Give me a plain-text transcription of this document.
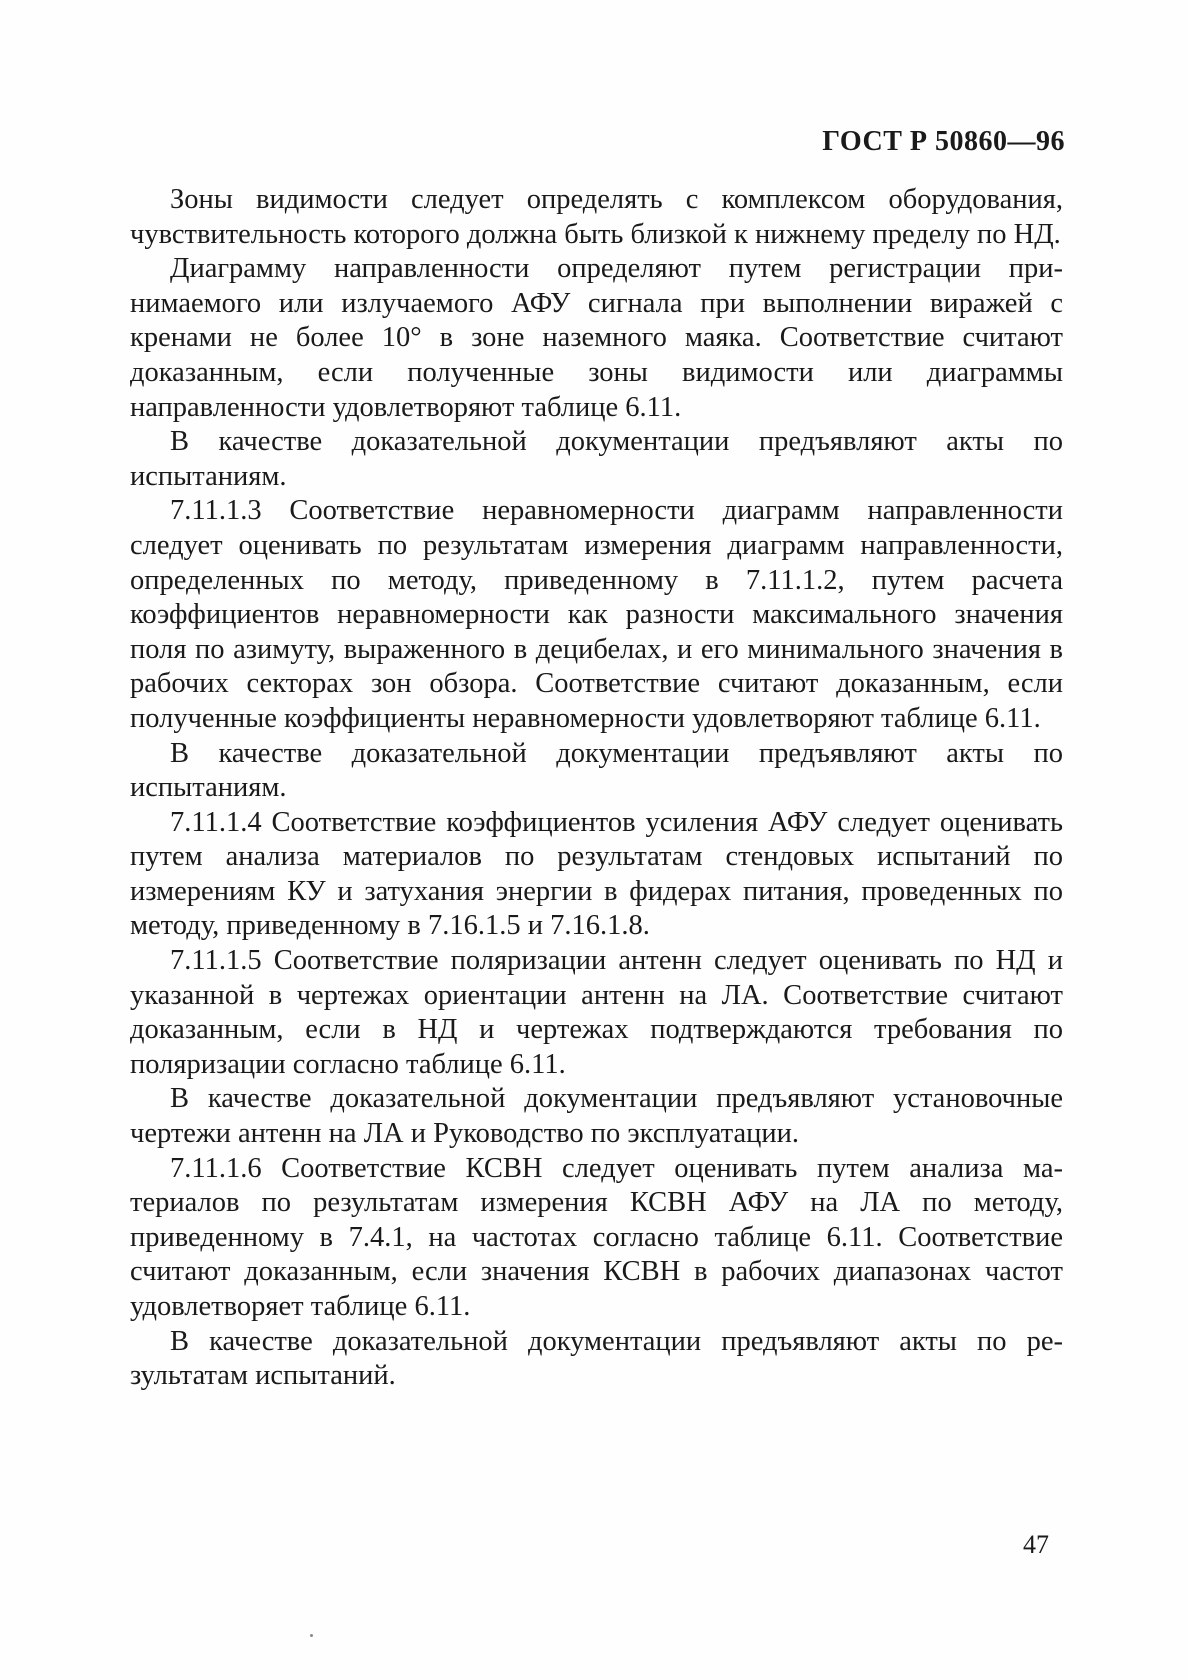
ГОСТ Р 50860—96

Зоны видимости следует определять с комплексом оборудования, чувствительность которого должна быть близкой к нижнему пределу по НД.

Диаграмму направленности определяют путем регистрации принимаемого или излучаемого АФУ сигнала при выполнении виражей с кренами не более 10° в зоне наземного маяка. Соответствие считают доказанным, если полученные зоны видимости или диаграммы направленности удовлетворяют таблице 6.11.

В качестве доказательной документации предъявляют акты по испытаниям.

7.11.1.3 Соответствие неравномерности диаграмм направленности следует оценивать по результатам измерения диаграмм направленности, определенных по методу, приведенному в 7.11.1.2, путем расчета коэффициентов неравномерности как разности максимального значения поля по азимуту, выраженного в децибелах, и его минимального значения в рабочих секторах зон обзора. Соответствие считают доказанным, если полученные коэффициенты неравномерности удовлетворяют таблице 6.11.

В качестве доказательной документации предъявляют акты по испытаниям.

7.11.1.4 Соответствие коэффициентов усиления АФУ следует оценивать путем анализа материалов по результатам стендовых испытаний по измерениям КУ и затухания энергии в фидерах питания, проведенных по методу, приведенному в 7.16.1.5 и 7.16.1.8.

7.11.1.5 Соответствие поляризации антенн следует оценивать по НД и указанной в чертежах ориентации антенн на ЛА. Соответствие считают доказанным, если в НД и чертежах подтверждаются требования по поляризации согласно таблице 6.11.

В качестве доказательной документации предъявляют установочные чертежи антенн на ЛА и Руководство по эксплуатации.

7.11.1.6 Соответствие КСВН следует оценивать путем анализа материалов по результатам измерения КСВН АФУ на ЛА по методу, приведенному в 7.4.1, на частотах согласно таблице 6.11. Соответствие считают доказанным, если значения КСВН в рабочих диапазонах частот удовлетворяет таблице 6.11.

В качестве доказательной документации предъявляют акты по результатам испытаний.

47
